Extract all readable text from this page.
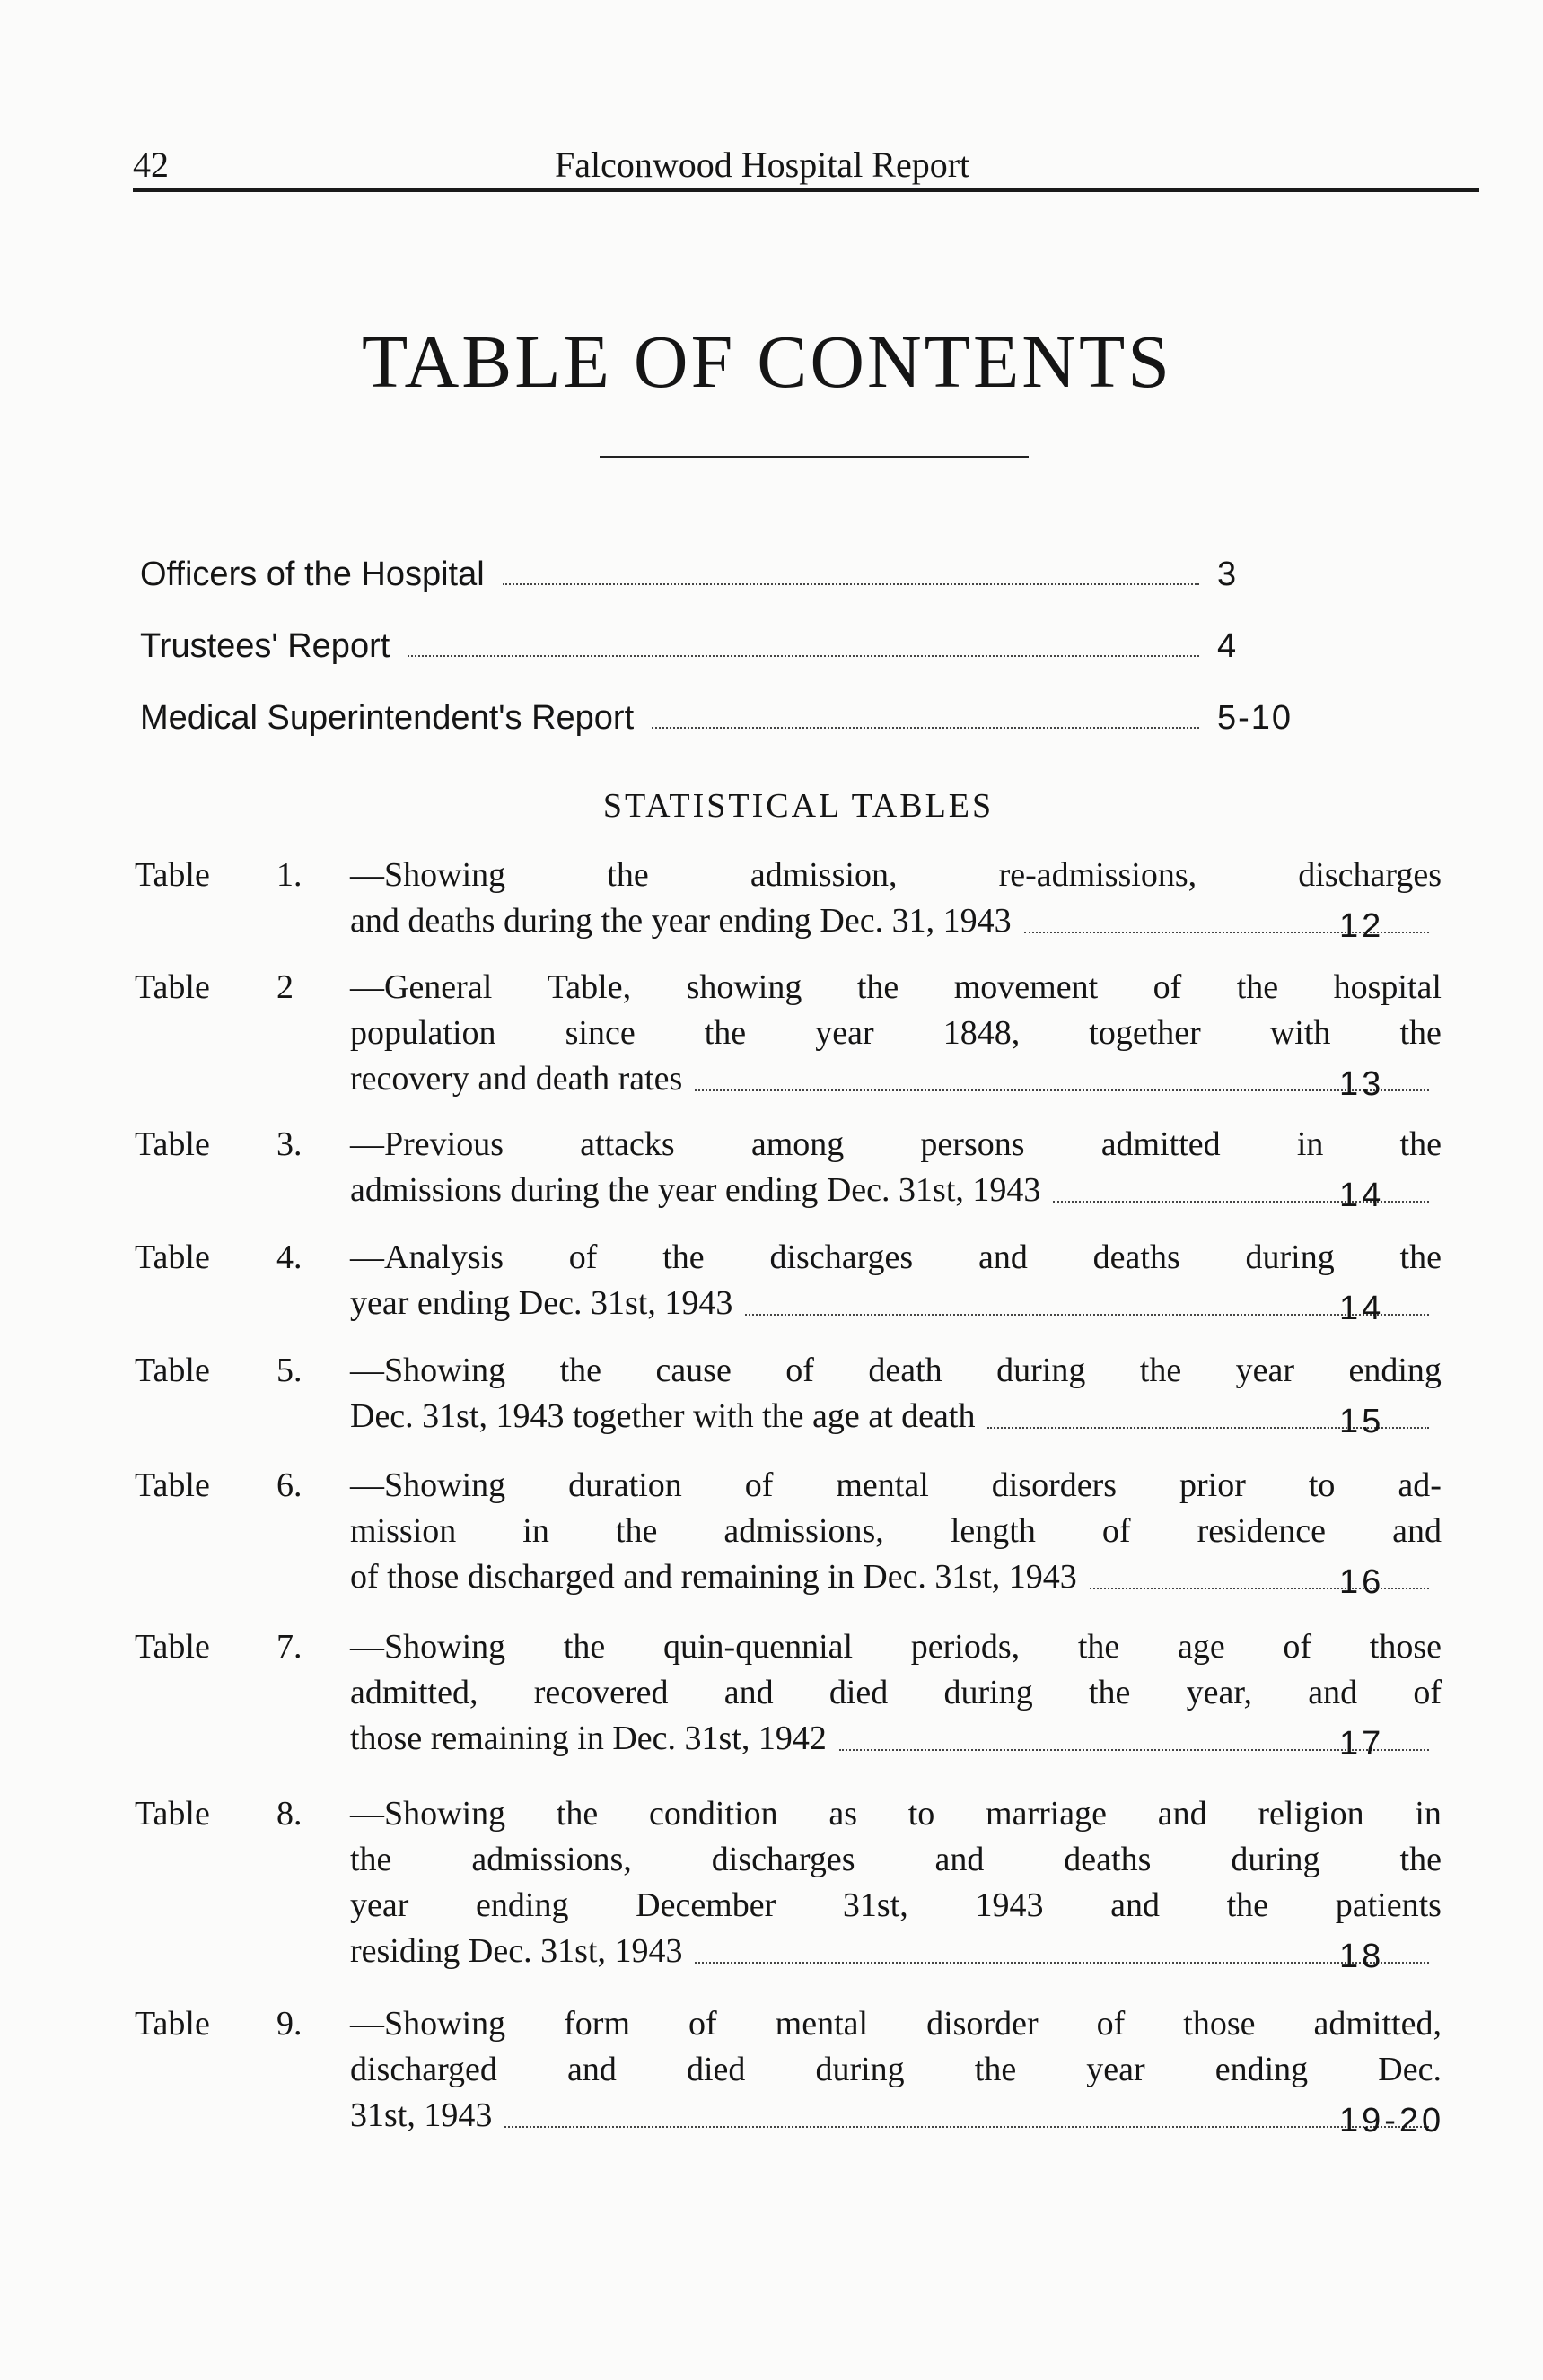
42	Falconwood Hospital Report
TABLE OF CONTENTS
Officers of the Hospital	3
Trustees' Report	4
Medical Superintendent's Report	5-10
STATISTICAL TABLES
Table 1. —Showing	the	admission,	re-admissions,	discharges
and deaths during the year ending Dec. 31, 1943	12
Table 2 —General Table, showing the movement of the hospital
population since the year 1848, together with the
recovery and death rates	13
Table 3. —Previous attacks among persons admitted in the
admissions during the year ending Dec. 31st, 1943	14
Table 4. —Analysis of the discharges and deaths during the
year ending Dec. 31st, 1943	14
Table 5. —Showing the cause of death during the year ending
Dec. 31st, 1943 together with the age at death	15
Table 6. —Showing duration of mental disorders prior to ad-
mission in the admissions, length of residence and
of those discharged and remaining in Dec. 31st, 1943	16
Table 7. —Showing the quin-quennial periods, the age of those
admitted, recovered and died during the year, and of
those remaining in Dec. 31st, 1942	17
Table 8. —Showing the condition as to marriage and religion in
the admissions, discharges and deaths during the
year ending December 31st, 1943 and the patients
residing Dec. 31st, 1943	18
Table 9. —Showing form of mental disorder of those admitted,
discharged and died during the year ending Dec.
31st, 1943	19-20
